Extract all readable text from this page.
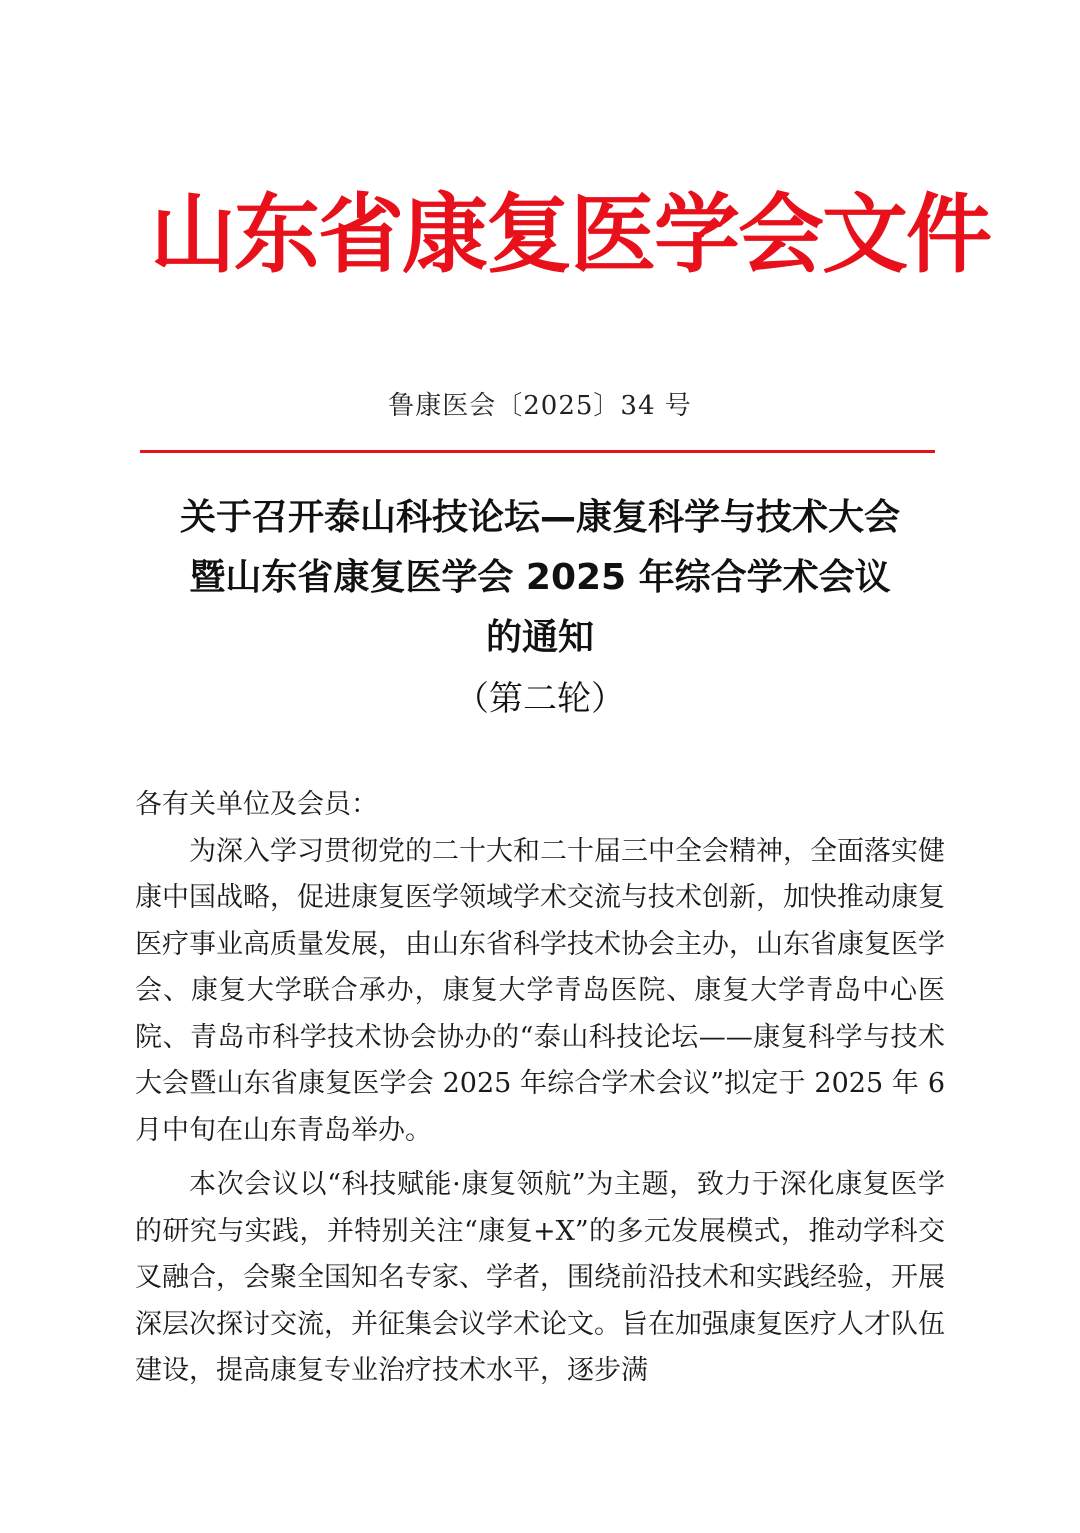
山东省康复医学会文件
鲁康医会〔2025〕34 号
关于召开泰山科技论坛—康复科学与技术大会
暨山东省康复医学会 2025 年综合学术会议
的通知
（第二轮）
各有关单位及会员：

为深入学习贯彻党的二十大和二十届三中全会精神，全面落实健康中国战略，促进康复医学领域学术交流与技术创新，加快推动康复医疗事业高质量发展，由山东省科学技术协会主办，山东省康复医学会、康复大学联合承办，康复大学青岛医院、康复大学青岛中心医院、青岛市科学技术协会协办的“泰山科技论坛——康复科学与技术大会暨山东省康复医学会 2025 年综合学术会议”拟定于 2025 年 6 月中旬在山东青岛举办。

本次会议以“科技赋能·康复领航”为主题，致力于深化康复医学的研究与实践，并特别关注“康复+X”的多元发展模式，推动学科交叉融合，会聚全国知名专家、学者，围绕前沿技术和实践经验，开展深层次探讨交流，并征集会议学术论文。旨在加强康复医疗人才队伍建设，提高康复专业治疗技术水平，逐步满
